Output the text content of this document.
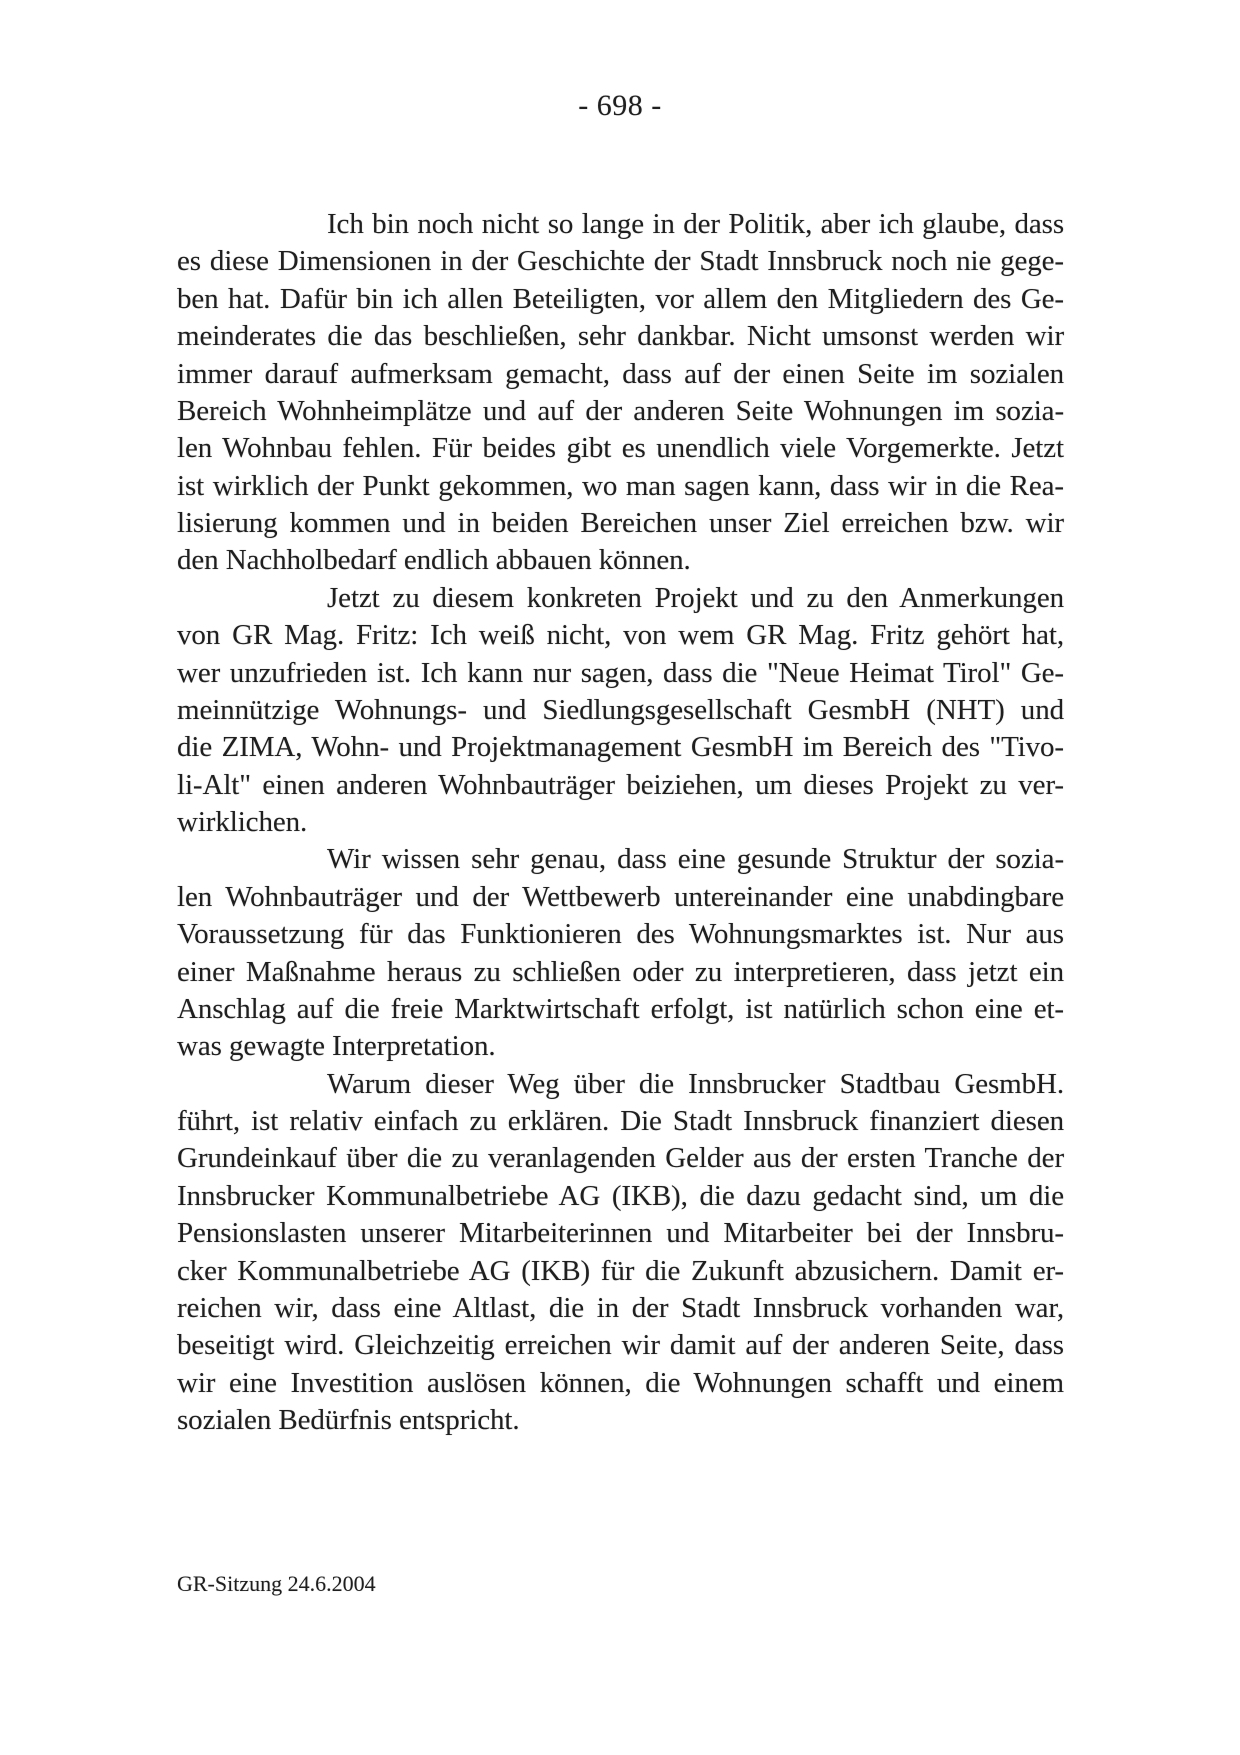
- 698 -
Ich bin noch nicht so lange in der Politik, aber ich glaube, dass
es diese Dimensionen in der Geschichte der Stadt Innsbruck noch nie gege-
ben hat. Dafür bin ich allen Beteiligten, vor allem den Mitgliedern des Ge-
meinderates die das beschließen, sehr dankbar. Nicht umsonst werden wir
immer darauf aufmerksam gemacht, dass auf der einen Seite im sozialen
Bereich Wohnheimplätze und auf der anderen Seite Wohnungen im sozia-
len Wohnbau fehlen. Für beides gibt es unendlich viele Vorgemerkte. Jetzt
ist wirklich der Punkt gekommen, wo man sagen kann, dass wir in die Rea-
lisierung kommen und in beiden Bereichen unser Ziel erreichen bzw. wir
den Nachholbedarf endlich abbauen können.
Jetzt zu diesem konkreten Projekt und zu den Anmerkungen
von GR Mag. Fritz: Ich weiß nicht, von wem GR Mag. Fritz gehört hat,
wer unzufrieden ist. Ich kann nur sagen, dass die "Neue Heimat Tirol" Ge-
meinnützige Wohnungs- und Siedlungsgesellschaft GesmbH (NHT) und
die ZIMA, Wohn- und Projektmanagement GesmbH im Bereich des "Tivo-
li-Alt" einen anderen Wohnbauträger beiziehen, um dieses Projekt zu ver-
wirklichen.
Wir wissen sehr genau, dass eine gesunde Struktur der sozia-
len Wohnbauträger und der Wettbewerb untereinander eine unabdingbare
Voraussetzung für das Funktionieren des Wohnungsmarktes ist. Nur aus
einer Maßnahme heraus zu schließen oder zu interpretieren, dass jetzt ein
Anschlag auf die freie Marktwirtschaft erfolgt, ist natürlich schon eine et-
was gewagte Interpretation.
Warum dieser Weg über die Innsbrucker Stadtbau GesmbH.
führt, ist relativ einfach zu erklären. Die Stadt Innsbruck finanziert diesen
Grundeinkauf über die zu veranlagenden Gelder aus der ersten Tranche der
Innsbrucker Kommunalbetriebe AG (IKB), die dazu gedacht sind, um die
Pensionslasten unserer Mitarbeiterinnen und Mitarbeiter bei der Innsbru-
cker Kommunalbetriebe AG (IKB) für die Zukunft abzusichern. Damit er-
reichen wir, dass eine Altlast, die in der Stadt Innsbruck vorhanden war,
beseitigt wird. Gleichzeitig erreichen wir damit auf der anderen Seite, dass
wir eine Investition auslösen können, die Wohnungen schafft und einem
sozialen Bedürfnis entspricht.
GR-Sitzung 24.6.2004
